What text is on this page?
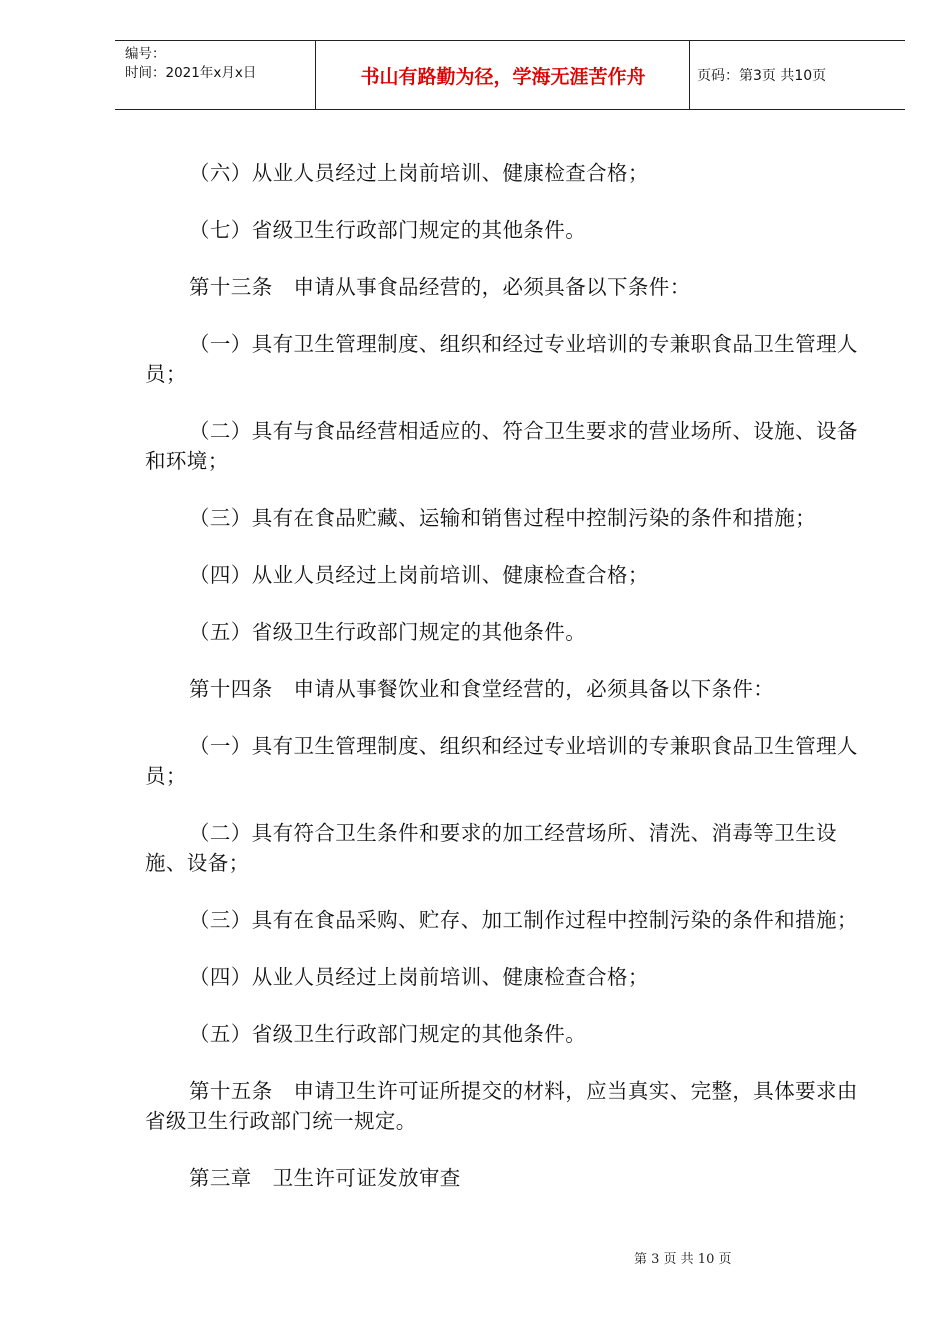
编号：
时间：2021年x月x日	书山有路勤为径，学海无涯苦作舟	页码：第3页 共10页

（六）从业人员经过上岗前培训、健康检查合格；

（七）省级卫生行政部门规定的其他条件。

第十三条　申请从事食品经营的，必须具备以下条件：

（一）具有卫生管理制度、组织和经过专业培训的专兼职食品卫生管理人员；

（二）具有与食品经营相适应的、符合卫生要求的营业场所、设施、设备和环境；

（三）具有在食品贮藏、运输和销售过程中控制污染的条件和措施；

（四）从业人员经过上岗前培训、健康检查合格；

（五）省级卫生行政部门规定的其他条件。

第十四条　申请从事餐饮业和食堂经营的，必须具备以下条件：

（一）具有卫生管理制度、组织和经过专业培训的专兼职食品卫生管理人员；

（二）具有符合卫生条件和要求的加工经营场所、清洗、消毒等卫生设施、设备；

（三）具有在食品采购、贮存、加工制作过程中控制污染的条件和措施；

（四）从业人员经过上岗前培训、健康检查合格；

（五）省级卫生行政部门规定的其他条件。

第十五条　申请卫生许可证所提交的材料，应当真实、完整，具体要求由省级卫生行政部门统一规定。

第三章　卫生许可证发放审查

第 3 页 共 10 页
